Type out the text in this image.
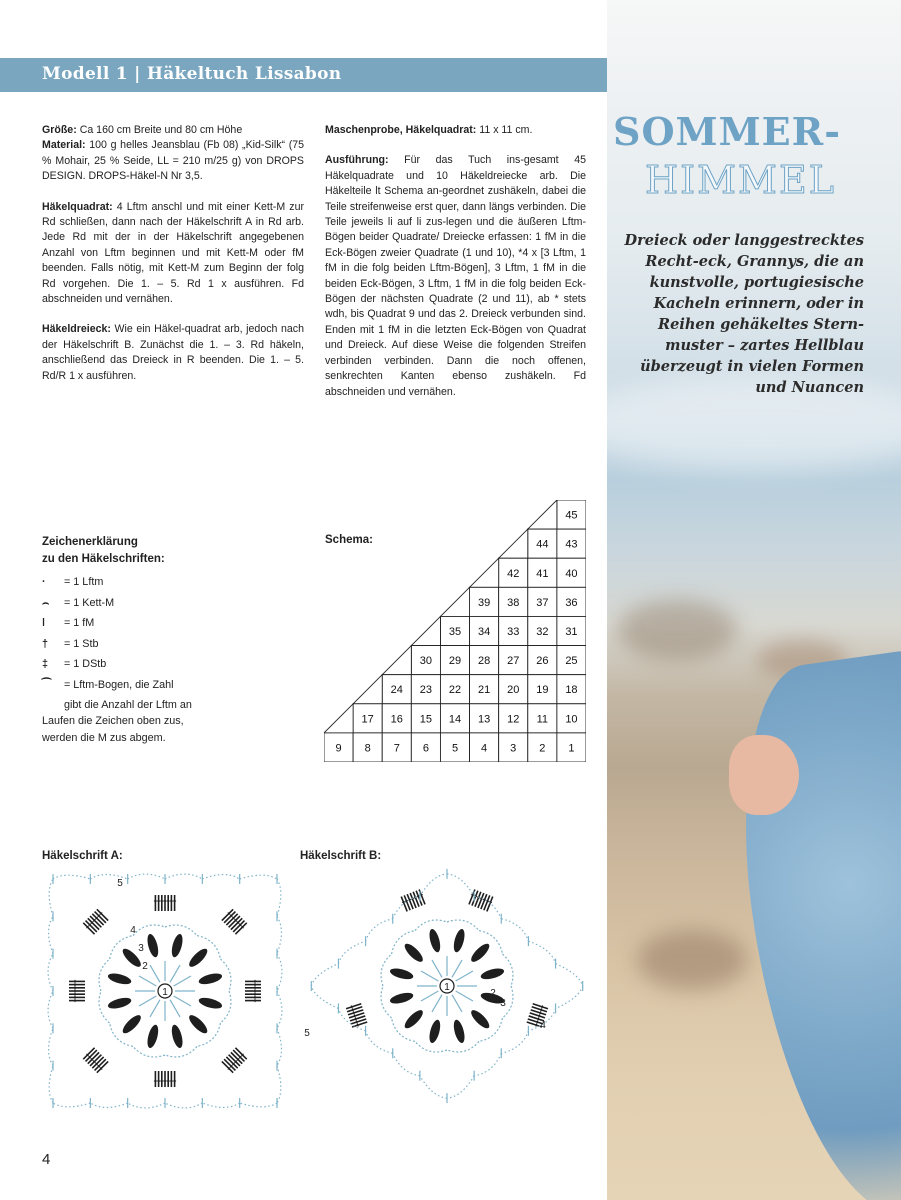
Modell 1 | Häkeltuch Lissabon
SOMMER-
HIMMEL
Dreieck oder langgestrecktes Recht-eck, Grannys, die an kunstvolle, portugiesische Kacheln erinnern, oder in Reihen gehäkeltes Stern-muster – zartes Hellblau überzeugt in vielen Formen und Nuancen

Größe: Ca 160 cm Breite und 80 cm Höhe
Material: 100 g helles Jeansblau (Fb 08) „Kid-Silk“ (75 % Mohair, 25 % Seide, LL = 210 m/25 g) von DROPS DESIGN. DROPS-Häkel-N Nr 3,5.

Häkelquadrat: 4 Lftm anschl und mit einer Kett-M zur Rd schließen, dann nach der Häkelschrift A in Rd arb. Jede Rd mit der in der Häkelschrift angegebenen Anzahl von Lftm beginnen und mit Kett-M oder fM beenden. Falls nötig, mit Kett-M zum Beginn der folg Rd vorgehen. Die 1. – 5. Rd 1 x ausführen. Fd abschneiden und vernähen.

Häkeldreieck: Wie ein Häkel-quadrat arb, jedoch nach der Häkelschrift B. Zunächst die 1. – 3. Rd häkeln, anschließend das Dreieck in R beenden. Die 1. – 5. Rd/R 1 x ausführen.

Maschenprobe, Häkelquadrat: 11 x 11 cm.

Ausführung: Für das Tuch ins-gesamt 45 Häkelquadrate und 10 Häkeldreiecke arb. Die Häkelteile lt Schema an-geordnet zushäkeln, dabei die Teile streifenweise erst quer, dann längs verbinden. Die Teile jeweils li auf li zus-legen und die äußeren Lftm-Bögen beider Quadrate/ Dreiecke erfassen: 1 fM in die Eck-Bögen zweier Quadrate (1 und 10), *4 x [3 Lftm, 1 fM in die folg beiden Lftm-Bögen], 3 Lftm, 1 fM in die beiden Eck-Bögen, 3 Lftm, 1 fM in die folg beiden Eck-Bögen der nächsten Quadrate (2 und 11), ab * stets wdh, bis Quadrat 9 und das 2. Dreieck verbunden sind. Enden mit 1 fM in die letzten Eck-Bögen von Quadrat und Dreieck. Auf diese Weise die folgenden Streifen verbinden verbinden. Dann die noch offenen, senkrechten Kanten ebenso zushäkeln. Fd abschneiden und vernähen.

Zeichenerklärung
zu den Häkelschriften:
·	= 1 Lftm
⌢	= 1 Kett-M
ǀ	= 1 fM
†	= 1 Stb
‡	= 1 DStb
⁀	= Lftm-Bogen, die Zahl
gibt die Anzahl der Lftm an
Laufen die Zeichen oben zus,
werden die M zus abgem.
Schema:
45
44 43
42 41 40
39 38 37 36
35 34 33 32 31
30 29 28 27 26 25
24 23 22 21 20 19 18
17 16 15 14 13 12 11 10
9 8 7 6 5 4 3 2 1
Häkelschrift A:	Häkelschrift B:
1
2
3
4
5
1
2
3
4
5
4
